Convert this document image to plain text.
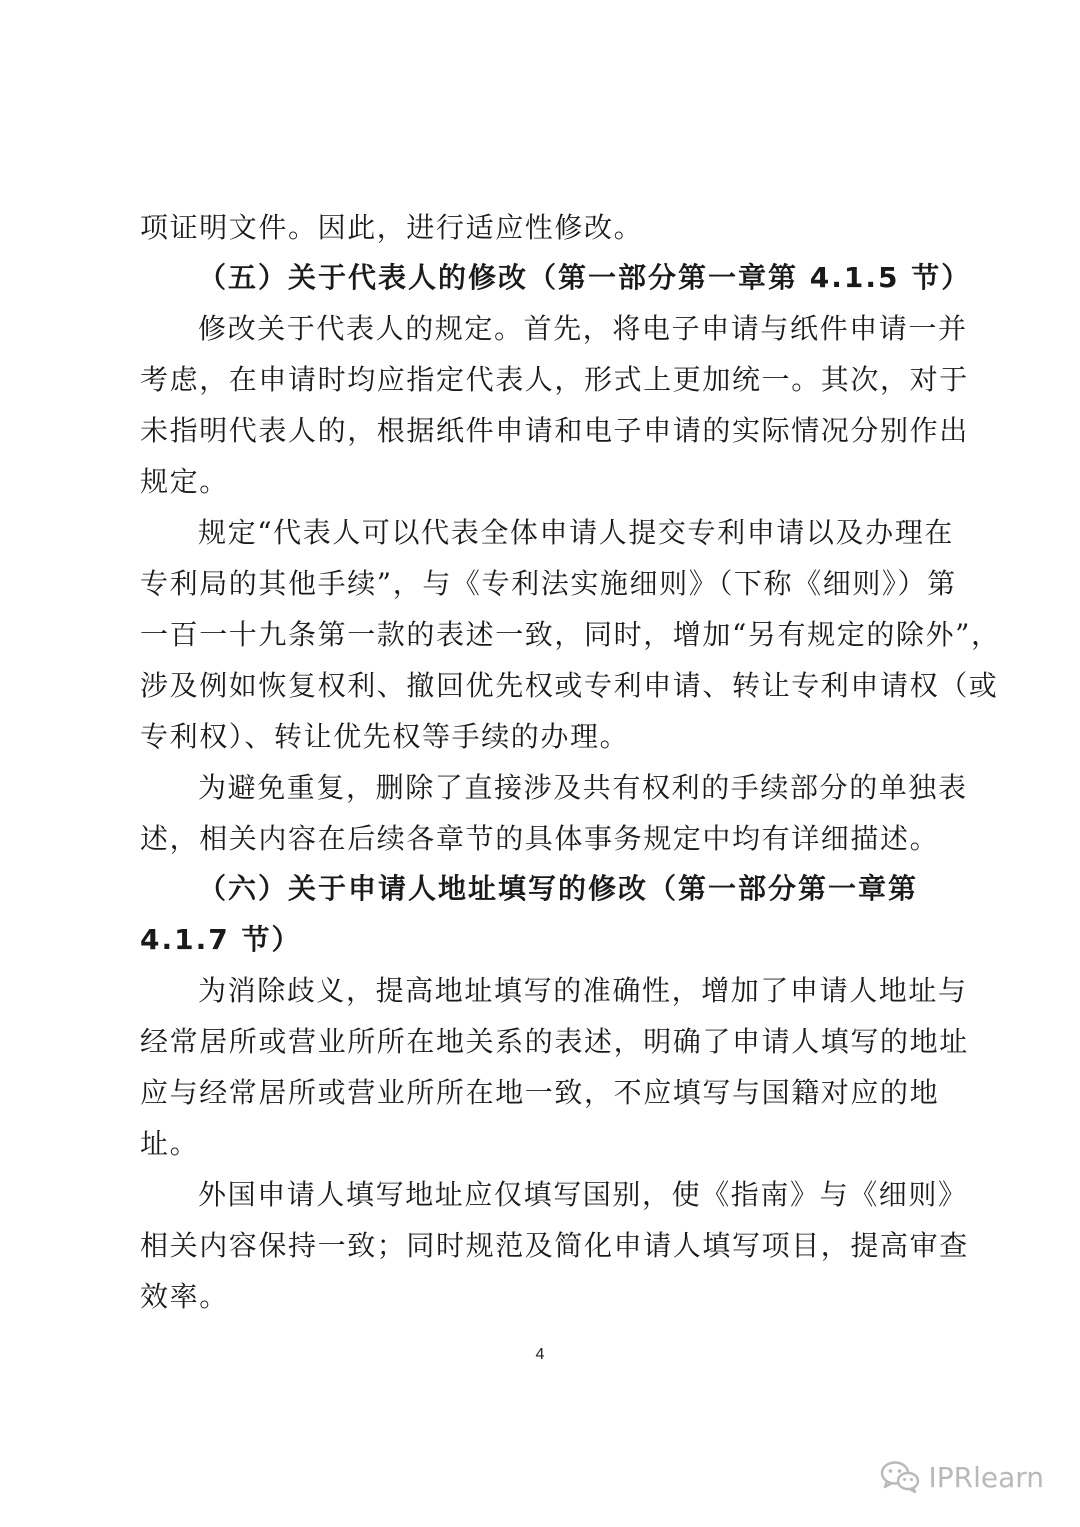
项证明文件。因此，进行适应性修改。
（五）关于代表人的修改（第一部分第一章第 4.1.5 节）
修改关于代表人的规定。首先，将电子申请与纸件申请一并
考虑，在申请时均应指定代表人，形式上更加统一。其次，对于
未指明代表人的，根据纸件申请和电子申请的实际情况分别作出
规定。
规定“代表人可以代表全体申请人提交专利申请以及办理在
专利局的其他手续”，与《专利法实施细则》（下称《细则》）第
一百一十九条第一款的表述一致，同时，增加“另有规定的除外”，
涉及例如恢复权利、撤回优先权或专利申请、转让专利申请权（或
专利权）、转让优先权等手续的办理。
为避免重复，删除了直接涉及共有权利的手续部分的单独表
述，相关内容在后续各章节的具体事务规定中均有详细描述。
（六）关于申请人地址填写的修改（第一部分第一章第
4.1.7 节）
为消除歧义，提高地址填写的准确性，增加了申请人地址与
经常居所或营业所所在地关系的表述，明确了申请人填写的地址
应与经常居所或营业所所在地一致，不应填写与国籍对应的地
址。
外国申请人填写地址应仅填写国别，使《指南》与《细则》
相关内容保持一致；同时规范及简化申请人填写项目，提高审查
效率。
4
IPRlearn
